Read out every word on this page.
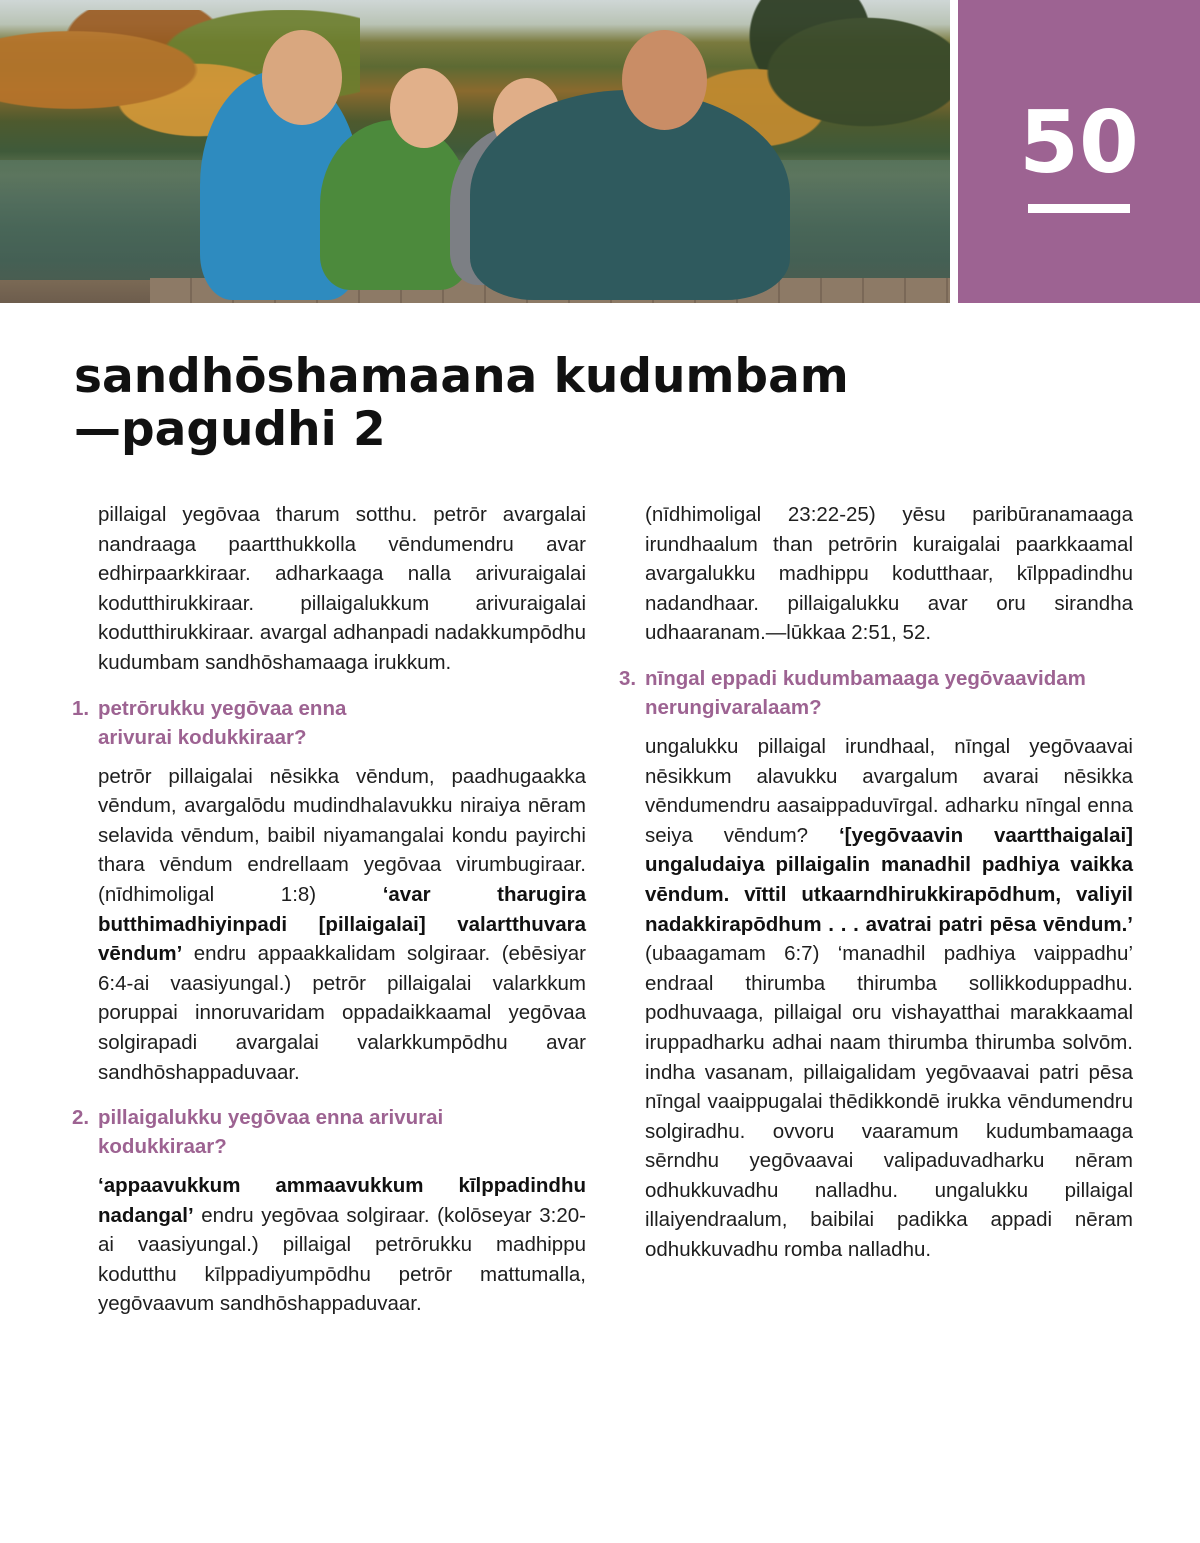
50
sandhōshamaana kudumbam
—pagudhi 2

pillaigal yegōvaa tharum sotthu. petrōr avargalai nandraaga paartthukkolla vēndumendru avar edhirpaarkkiraar. adharkaaga nalla arivuraigalai kodutthirukkiraar. pillaigalukkum arivuraigalai kodutthirukkiraar. avargal adhanpadi nadakkumpōdhu kudumbam sandhōshamaaga irukkum.

1. petrōrukku yegōvaa enna
arivurai kodukkiraar?

petrōr pillaigalai nēsikka vēndum, paadhugaakka vēndum, avargalōdu mudindhalavukku niraiya nēram selavida vēndum, baibil niyamangalai kondu payirchi thara vēndum endrellaam yegōvaa virumbugiraar. (nīdhimoligal 1:8)	‘avar tharugira butthimadhiyinpadi [pillaigalai] valartthuvara vēndum’ endru appaakkalidam solgiraar. (ebēsiyar 6:4-ai vaasiyungal.) petrōr pillaigalai valarkkum poruppai innoruvaridam oppadaikkaamal yegōvaa solgirapadi avargalai valarkkumpōdhu avar sandhōshappaduvaar.

2. pillaigalukku yegōvaa enna arivurai
kodukkiraar?

‘appaavukkum ammaavukkum kīlppadindhu nadangal’ endru yegōvaa solgiraar. (kolōseyar 3:20-ai vaasiyungal.) pillaigal petrōrukku madhippu kodutthu kīlppadiyumpōdhu petrōr mattumalla, yegōvaavum sandhōshappaduvaar.

(nīdhimoligal 23:22-25) yēsu paribūranamaaga irundhaalum than petrōrin kuraigalai paarkkaamal avargalukku madhippu kodutthaar, kīlppadindhu nadandhaar. pillaigalukku avar oru sirandha udhaaranam.—lūkkaa 2:51, 52.

3. nīngal eppadi kudumbamaaga yegōvaavidam
nerungivaralaam?

ungalukku pillaigal irundhaal, nīngal yegōvaavai nēsikkum alavukku avargalum avarai nēsikka vēndumendru aasaippaduvīrgal. adharku nīngal enna seiya vēndum? ‘[yegōvaavin vaartthaigalai] ungaludaiya pillaigalin manadhil padhiya vaikka vēndum. vīttil utkaarndhirukkirapōdhum, valiyil nadakkirapōdhum . . . avatrai patri pēsa vēndum.’ (ubaagamam 6:7) ‘manadhil padhiya vaippadhu’ endraal thirumba thirumba sollikkoduppadhu. podhuvaaga, pillaigal oru vishayatthai marakkaamal iruppadharku adhai naam thirumba thirumba solvōm. indha vasanam, pillaigalidam yegōvaavai patri pēsa nīngal vaaippugalai thēdikkondē irukka vēndumendru solgiradhu. ovvoru vaaramum kudumbamaaga sērndhu yegōvaavai valipaduvadharku nēram odhukkuvadhu nalladhu. ungalukku pillaigal illaiyendraalum, baibilai padikka appadi nēram odhukkuvadhu romba nalladhu.
